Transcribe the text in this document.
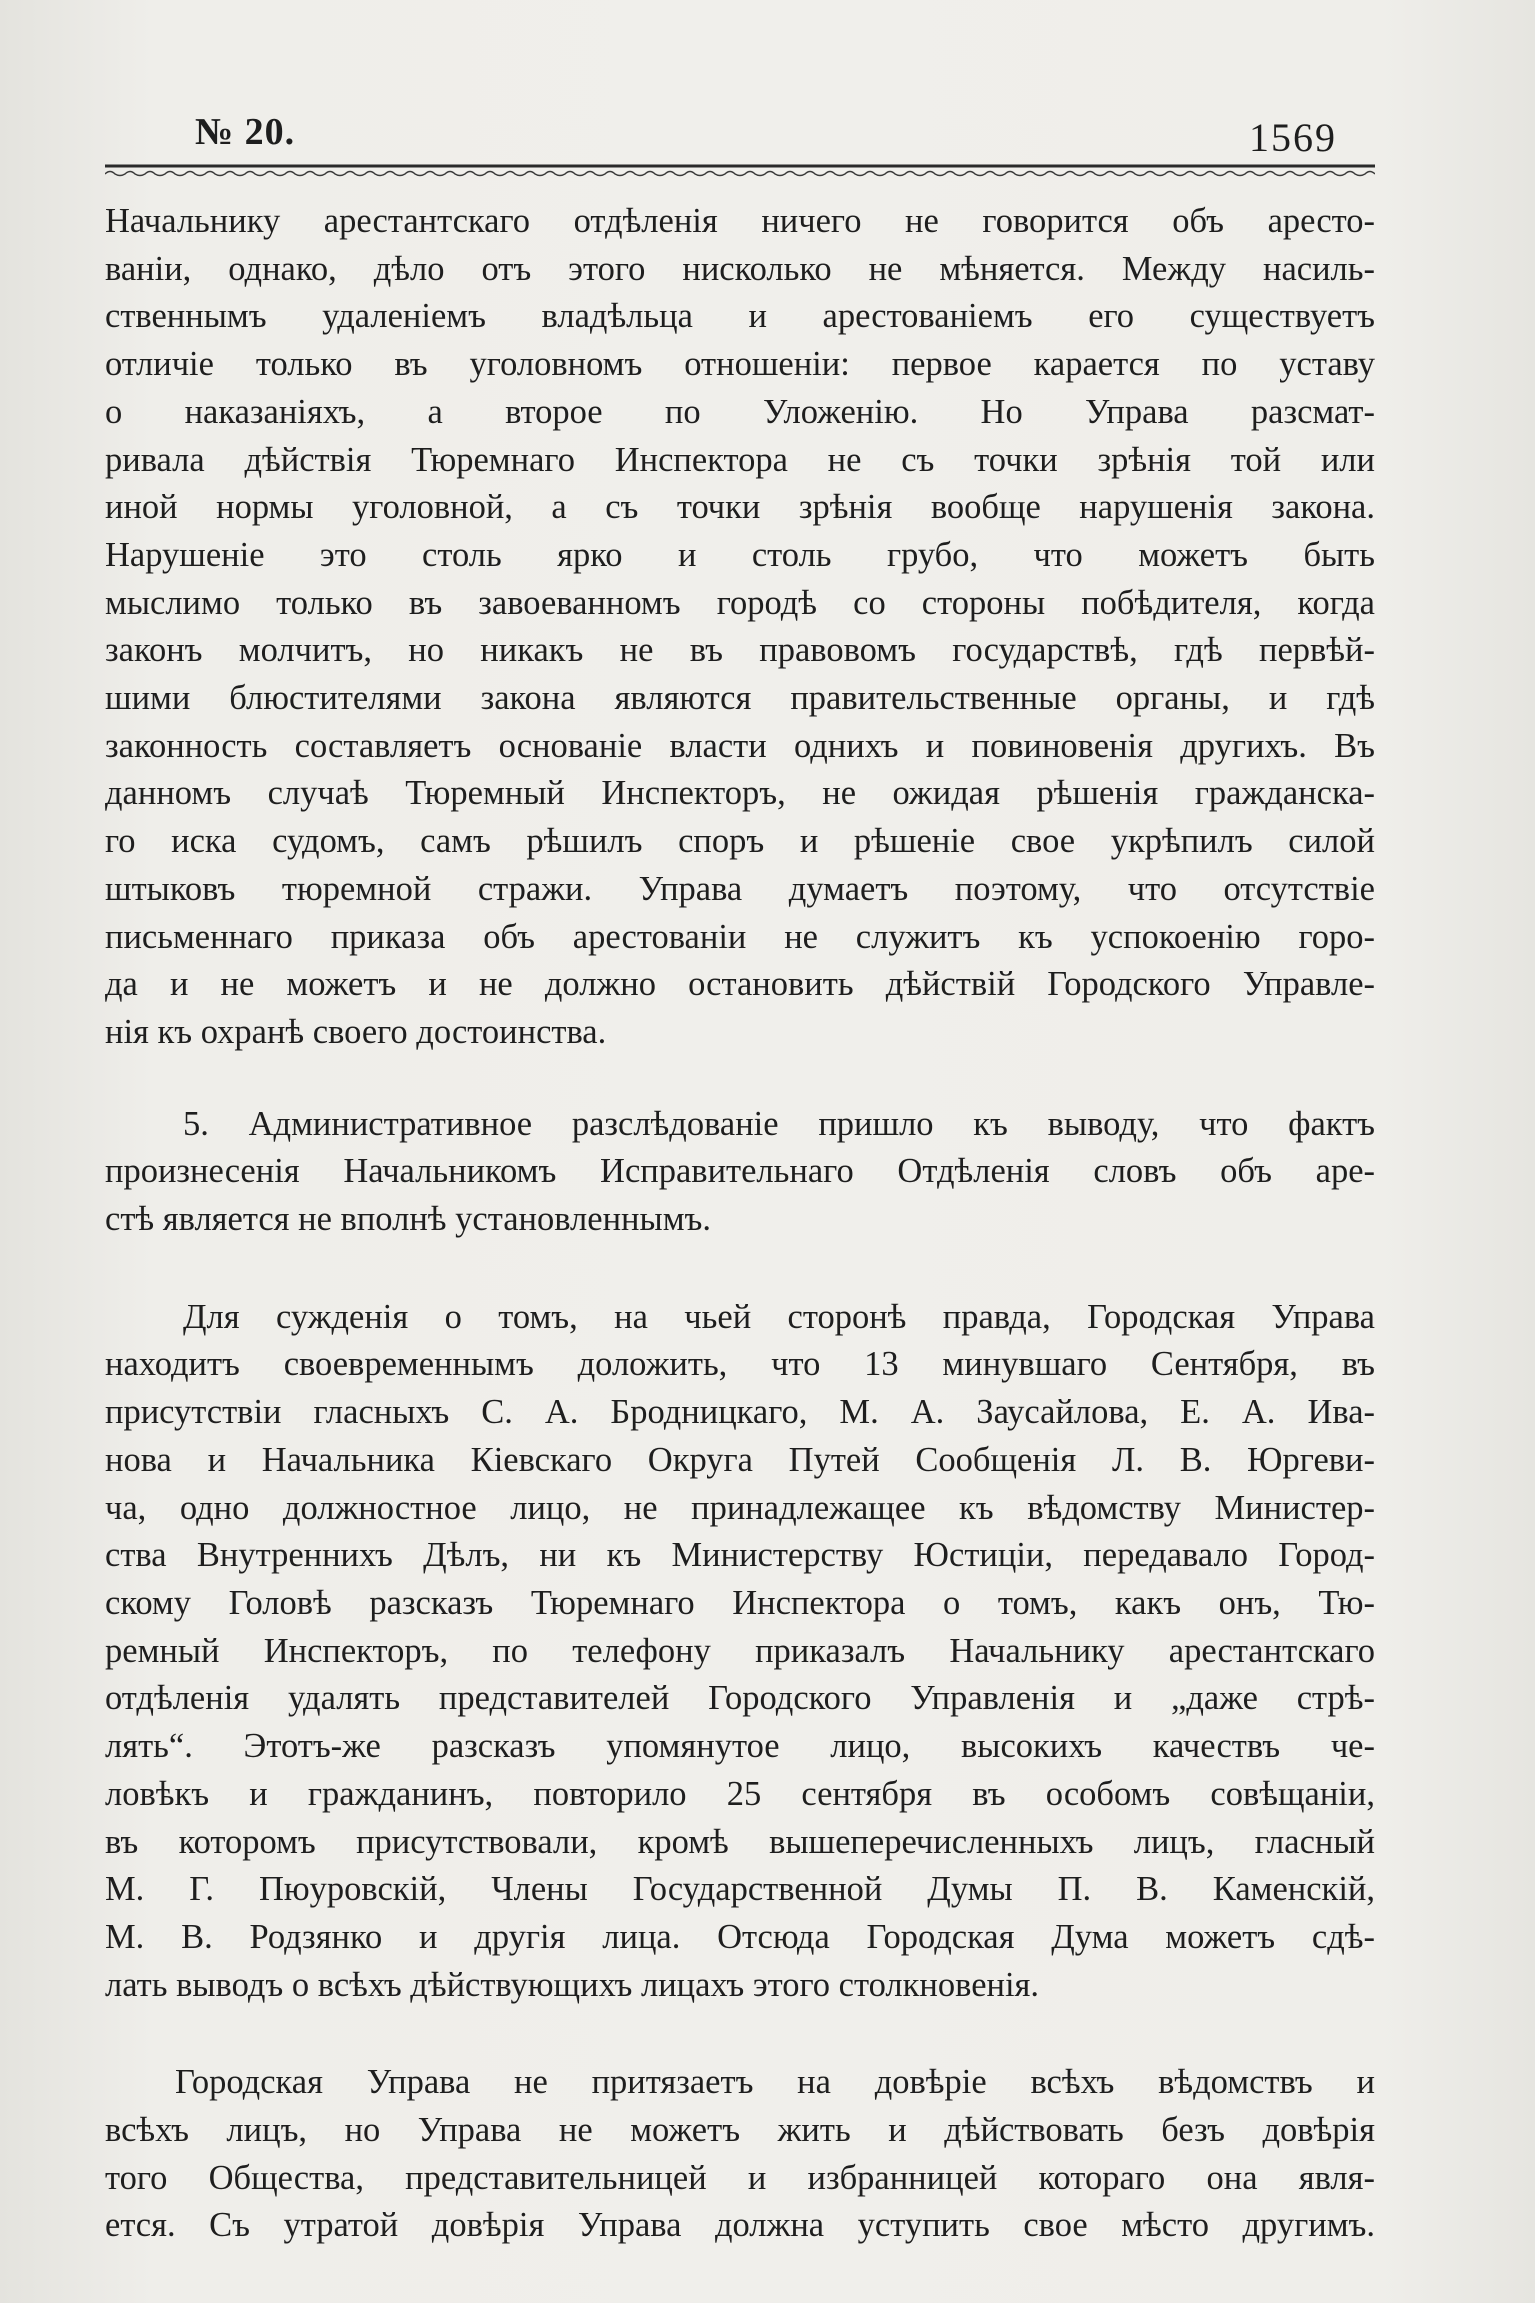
№ 20.	1569

Начальнику арестантскаго отдѣленія ничего не говорится объ аресто-
ваніи, однако, дѣло отъ этого нисколько не мѣняется. Между насиль-
ственнымъ удаленіемъ владѣльца и арестованіемъ его существуетъ
отличіе только въ уголовномъ отношеніи: первое карается по уставу
о наказаніяхъ, а второе по Уложенію. Но Управа разсмат-
ривала дѣйствія Тюремнаго Инспектора не съ точки зрѣнія той или
иной нормы уголовной, а съ точки зрѣнія вообще нарушенія закона.
Нарушеніе это столь ярко и столь грубо, что можетъ быть
мыслимо только въ завоеванномъ городѣ со стороны побѣдителя, когда
законъ молчитъ, но никакъ не въ правовомъ государствѣ, гдѣ первѣй-
шими блюстителями закона являются правительственные органы, и гдѣ
законность составляетъ основаніе власти однихъ и повиновенія другихъ. Въ
данномъ случаѣ Тюремный Инспекторъ, не ожидая рѣшенія гражданска-
го иска судомъ, самъ рѣшилъ споръ и рѣшеніе свое укрѣпилъ силой
штыковъ тюремной стражи. Управа думаетъ поэтому, что отсутствіе
письменнаго приказа объ арестованіи не служитъ къ успокоенію горо-
да и не можетъ и не должно остановить дѣйствій Городского Управле-
нія къ охранѣ своего достоинства.

5. Административное разслѣдованіе пришло къ выводу, что фактъ

произнесенія Начальникомъ Исправительнаго Отдѣленія словъ объ аре-
стѣ является не вполнѣ установленнымъ.

Для сужденія о томъ, на чьей сторонѣ правда, Городская Управа

находитъ своевременнымъ доложить, что 13 минувшаго Сентября, въ
присутствіи гласныхъ С. А. Бродницкаго, М. А. Заусайлова, Е. А. Ива-
нова и Начальника Кіевскаго Округа Путей Сообщенія Л. В. Юргеви-
ча, одно должностное лицо, не принадлежащее къ вѣдомству Министер-
ства Внутреннихъ Дѣлъ, ни къ Министерству Юстиціи, передавало Город-
скому Головѣ разсказъ Тюремнаго Инспектора о томъ, какъ онъ, Тю-
ремный Инспекторъ, по телефону приказалъ Начальнику арестантскаго
отдѣленія удалять представителей Городского Управленія и „даже стрѣ-
лять“. Этотъ-же разсказъ упомянутое лицо, высокихъ качествъ че-
ловѣкъ и гражданинъ, повторило 25 сентября въ особомъ совѣщаніи,
въ которомъ присутствовали, кромѣ вышеперечисленныхъ лицъ, гласный
М. Г. Пюуровскій, Члены Государственной Думы П. В. Каменскій,
М. В. Родзянко и другія лица. Отсюда Городская Дума можетъ сдѣ-
лать выводъ о всѣхъ дѣйствующихъ лицахъ этого столкновенія.

Городская Управа не притязаетъ на довѣріе всѣхъ вѣдомствъ и

всѣхъ лицъ, но Управа не можетъ жить и дѣйствовать безъ довѣрія
того Общества, представительницей и избранницей котораго она явля-
ется. Съ утратой довѣрія Управа должна уступить свое мѣсто другимъ.
